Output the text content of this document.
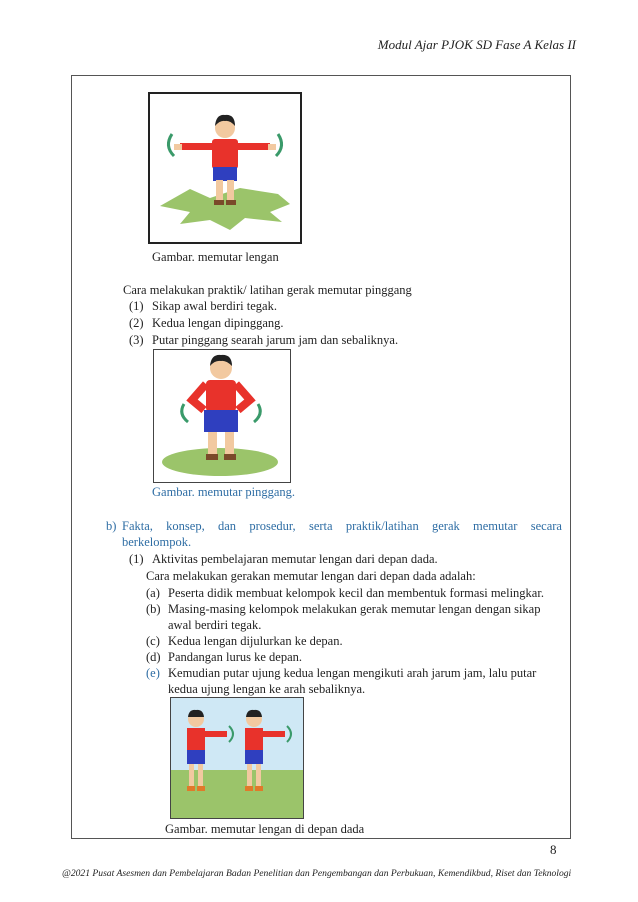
Modul Ajar PJOK SD Fase A Kelas II
Gambar. memutar lengan
Cara melakukan praktik/ latihan gerak memutar pinggang
(1) Sikap awal berdiri tegak.
(2) Kedua lengan dipinggang.
(3) Putar pinggang searah jarum jam dan sebaliknya.
Gambar. memutar pinggang.
b) Fakta, konsep, dan prosedur, serta praktik/latihan gerak memutar secara
berkelompok.
(1) Aktivitas pembelajaran memutar lengan dari depan dada.
Cara melakukan gerakan memutar lengan dari depan dada adalah:
(a) Peserta didik membuat kelompok kecil dan membentuk formasi melingkar.
(b) Masing-masing kelompok melakukan gerak memutar lengan dengan sikap
awal berdiri tegak.
(c) Kedua lengan dijulurkan ke depan.
(d) Pandangan lurus ke depan.
(e) Kemudian putar ujung kedua lengan mengikuti arah jarum jam, lalu putar
kedua ujung lengan ke arah sebaliknya.
Gambar. memutar lengan di depan dada
8
@2021 Pusat Asesmen dan Pembelajaran Badan Penelitian dan Pengembangan dan Perbukuan, Kemendikbud, Riset dan Teknologi
